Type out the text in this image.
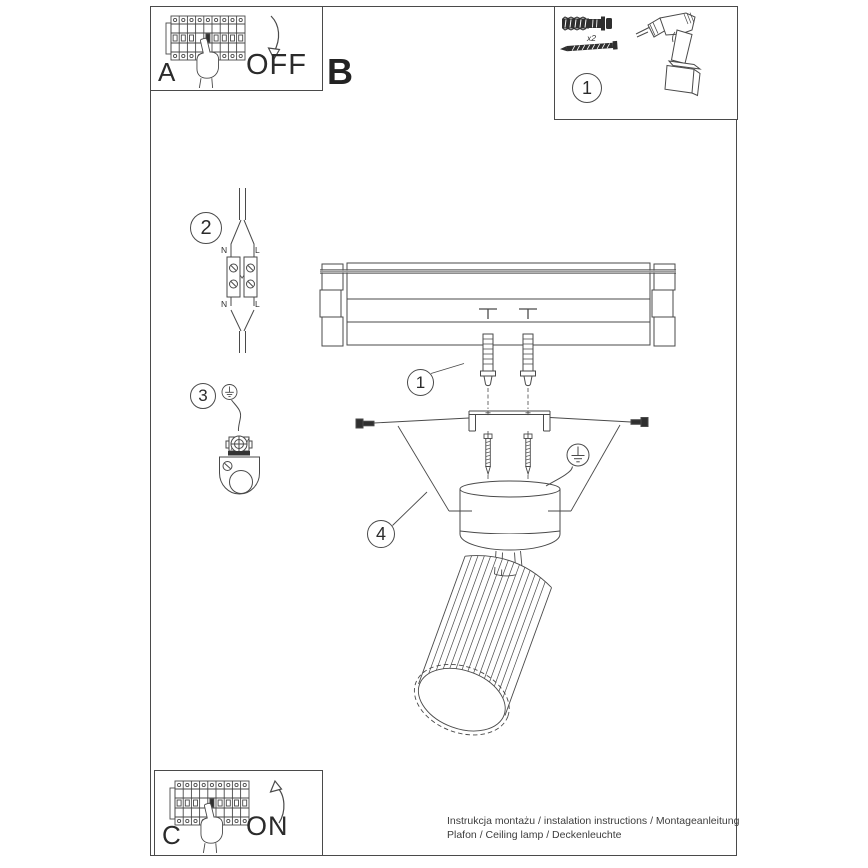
A OFF B
x2
1
2
N	L
N	L
3
1
4
C ON	Instrukcja montażu / instalation instructions / Montageanleitung
Plafon / Ceiling lamp / Deckenleuchte
